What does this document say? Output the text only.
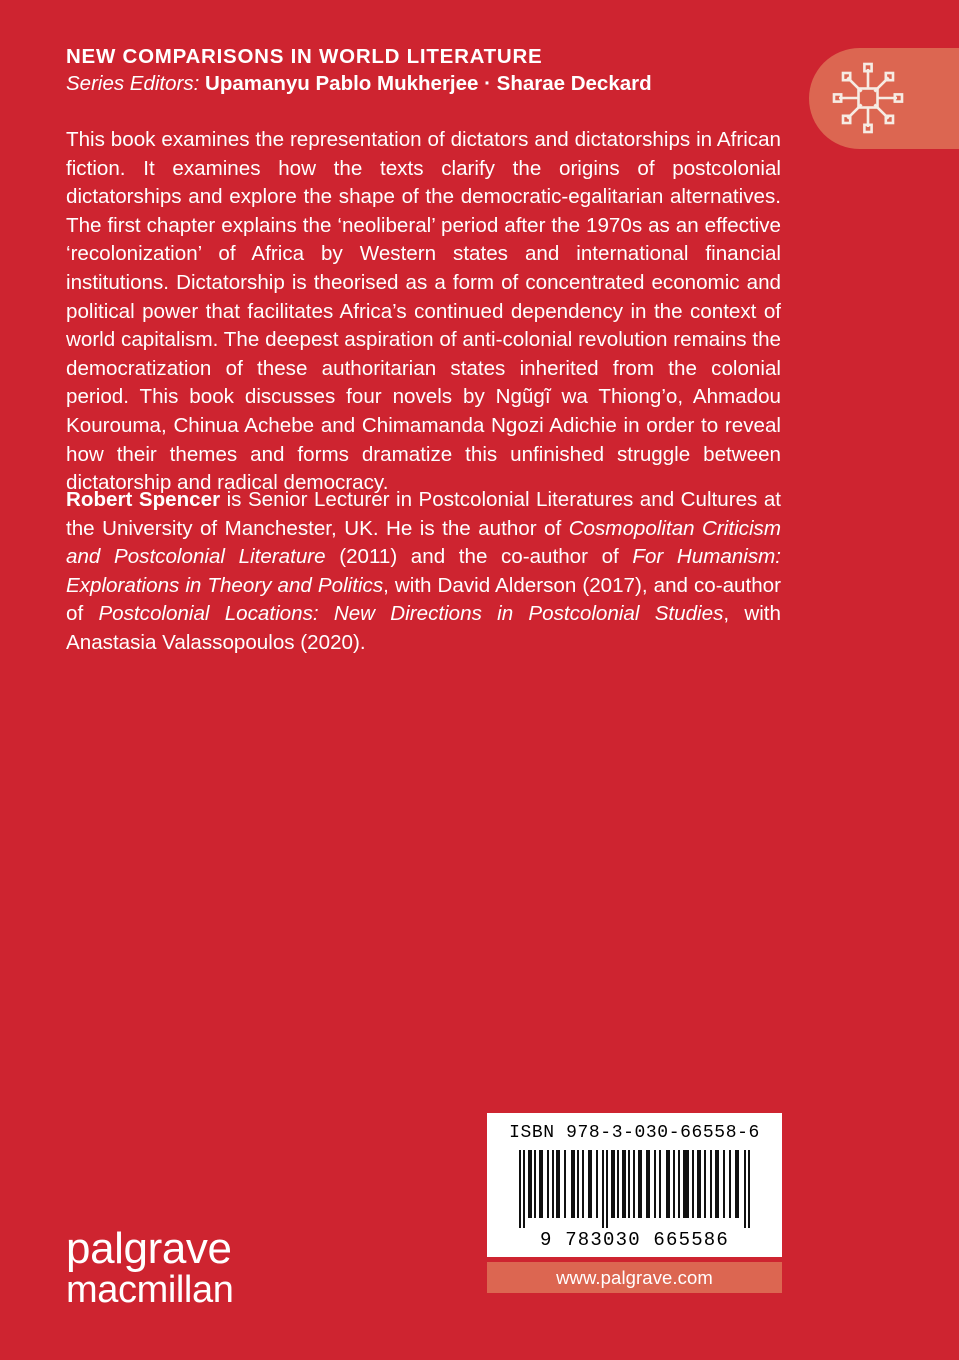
NEW COMPARISONS IN WORLD LITERATURE
Series Editors: Upamanyu Pablo Mukherjee · Sharae Deckard
This book examines the representation of dictators and dictatorships in African fiction. It examines how the texts clarify the origins of postcolonial dictatorships and explore the shape of the democratic-egalitarian alternatives. The first chapter explains the ‘neoliberal’ period after the 1970s as an effective ‘recolonization’ of Africa by Western states and international financial institutions. Dictatorship is theorised as a form of concentrated economic and political power that facilitates Africa’s continued dependency in the context of world capitalism. The deepest aspiration of anti-colonial revolution remains the democratization of these authoritarian states inherited from the colonial period. This book discusses four novels by Ngũgĩ wa Thiong’o, Ahmadou Kourouma, Chinua Achebe and Chimamanda Ngozi Adichie in order to reveal how their themes and forms dramatize this unfinished struggle between dictatorship and radical democracy.
Robert Spencer is Senior Lecturer in Postcolonial Literatures and Cultures at the University of Manchester, UK. He is the author of Cosmopolitan Criticism and Postcolonial Literature (2011) and the co-author of For Humanism: Explorations in Theory and Politics, with David Alderson (2017), and co-author of Postcolonial Locations: New Directions in Postcolonial Studies, with Anastasia Valassopoulos (2020).
palgrave
macmillan
ISBN 978-3-030-66558-6
9 783030 665586
www.palgrave.com
